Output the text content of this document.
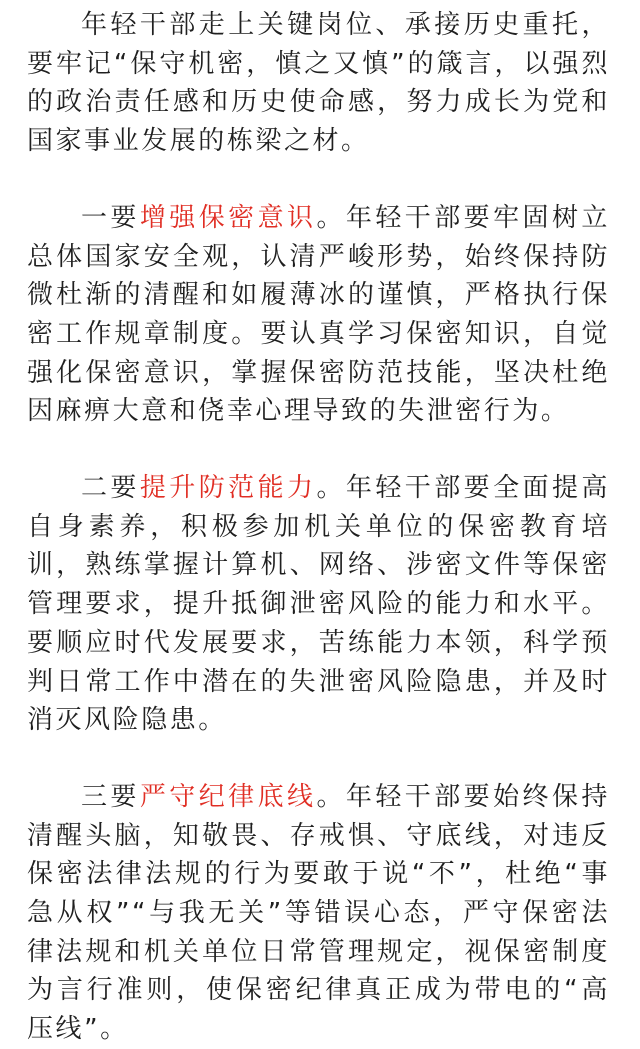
年轻干部走上关键岗位、承接历史重托，要牢记“保守机密，慎之又慎”的箴言，以强烈的政治责任感和历史使命感，努力成长为党和国家事业发展的栋梁之材。

一要增强保密意识。年轻干部要牢固树立总体国家安全观，认清严峻形势，始终保持防微杜渐的清醒和如履薄冰的谨慎，严格执行保密工作规章制度。要认真学习保密知识，自觉强化保密意识，掌握保密防范技能，坚决杜绝因麻痹大意和侥幸心理导致的失泄密行为。

二要提升防范能力。年轻干部要全面提高自身素养，积极参加机关单位的保密教育培训，熟练掌握计算机、网络、涉密文件等保密管理要求，提升抵御泄密风险的能力和水平。要顺应时代发展要求，苦练能力本领，科学预判日常工作中潜在的失泄密风险隐患，并及时消灭风险隐患。

三要严守纪律底线。年轻干部要始终保持清醒头脑，知敬畏、存戒惧、守底线，对违反保密法律法规的行为要敢于说“不”，杜绝“事急从权”“与我无关”等错误心态，严守保密法律法规和机关单位日常管理规定，视保密制度为言行准则，使保密纪律真正成为带电的“高压线”。
